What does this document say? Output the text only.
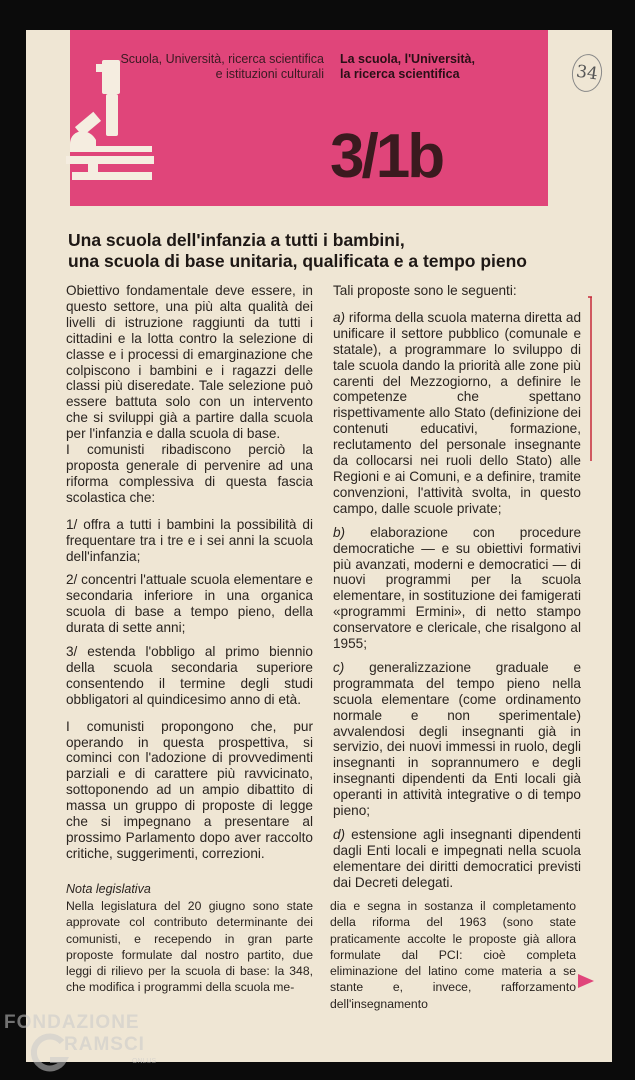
Scuola, Università, ricerca scientifica
e istituzioni culturali
La scuola, l'Università,
la ricerca scientifica
3/1b
34
Una scuola dell'infanzia a tutti i bambini,
una scuola di base unitaria, qualificata e a tempo pieno

Obiettivo fondamentale deve essere, in questo settore, una più alta qualità dei livelli di istruzione raggiunti da tutti i cittadini e la lotta contro la selezione di classe e i processi di emarginazione che colpiscono i bambini e i ragazzi delle classi più diseredate. Tale selezione può essere battuta solo con un intervento che si sviluppi già a partire dalla scuola per l'infanzia e dalla scuola di base.

I comunisti ribadiscono perciò la proposta generale di pervenire ad una riforma complessiva di questa fascia scolastica che:

1/ offra a tutti i bambini la possibilità di frequentare tra i tre e i sei anni la scuola dell'infanzia;

2/ concentri l'attuale scuola elementare e secondaria inferiore in una organica scuola di base a tempo pieno, della durata di sette anni;

3/ estenda l'obbligo al primo biennio della scuola secondaria superiore consentendo il termine degli studi obbligatori al quindicesimo anno di età.

I comunisti propongono che, pur operando in questa prospettiva, si cominci con l'adozione di provvedimenti parziali e di carattere più ravvicinato, sottoponendo ad un ampio dibattito di massa un gruppo di proposte di legge che si impegnano a presentare al prossimo Parlamento dopo aver raccolto critiche, suggerimenti, correzioni.

Tali proposte sono le seguenti:

a) riforma della scuola materna diretta ad unificare il settore pubblico (comunale e statale), a programmare lo sviluppo di tale scuola dando la priorità alle zone più carenti del Mezzogiorno, a definire le competenze che spettano rispettivamente allo Stato (definizione dei contenuti educativi, formazione, reclutamento del personale insegnante da collocarsi nei ruoli dello Stato) alle Regioni e ai Comuni, e a definire, tramite convenzioni, l'attività svolta, in questo campo, dalle scuole private;

b) elaborazione con procedure democratiche — e su obiettivi formativi più avanzati, moderni e democratici — di nuovi programmi per la scuola elementare, in sostituzione dei famigerati «programmi Ermini», di netto stampo conservatore e clericale, che risalgono al 1955;

c) generalizzazione graduale e programmata del tempo pieno nella scuola elementare (come ordinamento normale e non sperimentale) avvalendosi degli insegnanti già in servizio, dei nuovi immessi in ruolo, degli insegnanti in soprannumero e degli insegnanti dipendenti da Enti locali già operanti in attività integrative o di tempo pieno;

d) estensione agli insegnanti dipendenti dagli Enti locali e impegnati nella scuola elementare dei diritti democratici previsti dai Decreti delegati.

Nota legislativa
Nella legislatura del 20 giugno sono state approvate col contributo determinante dei comunisti, e recependo in gran parte proposte formulate dal nostro partito, due leggi di rilievo per la scuola di base: la 348, che modifica i programmi della scuola me-
dia e segna in sostanza il completamento della riforma del 1963 (sono state praticamente accolte le proposte già allora formulate dal PCI: cioè completa eliminazione del latino come materia a se stante e, invece, rafforzamento dell'insegnamento
FONDAZIONE
RAMSCI
ONLUS
